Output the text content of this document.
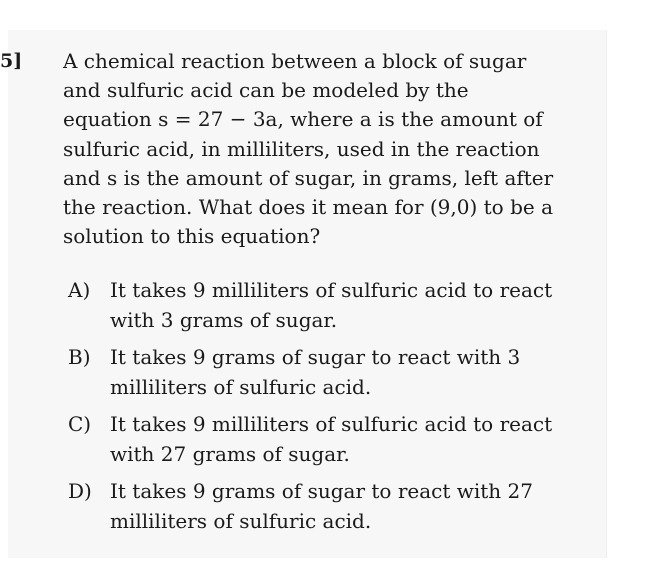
5] A chemical reaction between a block of sugar
and sulfuric acid can be modeled by the
equation s = 27 − 3a, where a is the amount of
sulfuric acid, in milliliters, used in the reaction
and s is the amount of sugar, in grams, left after
the reaction. What does it mean for (9,0) to be a
solution to this equation?
A) It takes 9 milliliters of sulfuric acid to react
with 3 grams of sugar.
B) It takes 9 grams of sugar to react with 3
milliliters of sulfuric acid.
C) It takes 9 milliliters of sulfuric acid to react
with 27 grams of sugar.
D) It takes 9 grams of sugar to react with 27
milliliters of sulfuric acid.
